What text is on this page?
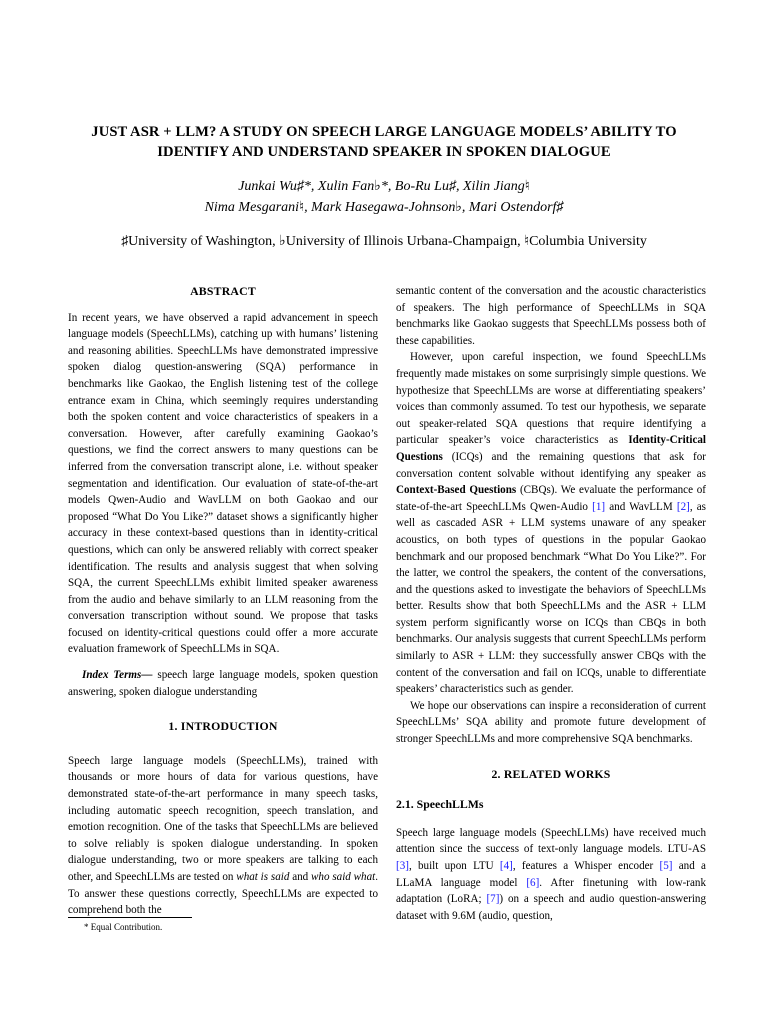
JUST ASR + LLM? A STUDY ON SPEECH LARGE LANGUAGE MODELS’ ABILITY TO
IDENTIFY AND UNDERSTAND SPEAKER IN SPOKEN DIALOGUE
Junkai Wu♯*, Xulin Fan♭*, Bo-Ru Lu♯, Xilin Jiang♮
Nima Mesgarani♮, Mark Hasegawa-Johnson♭, Mari Ostendorf♯
♯University of Washington, ♭University of Illinois Urbana-Champaign, ♮Columbia University
ABSTRACT

In recent years, we have observed a rapid advancement in speech language models (SpeechLLMs), catching up with humans’ listening and reasoning abilities. SpeechLLMs have demonstrated impressive spoken dialog question-answering (SQA) performance in benchmarks like Gaokao, the English listening test of the college entrance exam in China, which seemingly requires understanding both the spoken content and voice characteristics of speakers in a conversation. However, after carefully examining Gaokao’s questions, we find the correct answers to many questions can be inferred from the conversation transcript alone, i.e. without speaker segmentation and identification. Our evaluation of state-of-the-art models Qwen-Audio and WavLLM on both Gaokao and our proposed “What Do You Like?” dataset shows a significantly higher accuracy in these context-based questions than in identity-critical questions, which can only be answered reliably with correct speaker identification. The results and analysis suggest that when solving SQA, the current SpeechLLMs exhibit limited speaker awareness from the audio and behave similarly to an LLM reasoning from the conversation transcription without sound. We propose that tasks focused on identity-critical questions could offer a more accurate evaluation framework of SpeechLLMs in SQA.

Index Terms— speech large language models, spoken question answering, spoken dialogue understanding

1. INTRODUCTION

Speech large language models (SpeechLLMs), trained with thousands or more hours of data for various questions, have demonstrated state-of-the-art performance in many speech tasks, including automatic speech recognition, speech translation, and emotion recognition. One of the tasks that SpeechLLMs are believed to solve reliably is spoken dialogue understanding. In spoken dialogue understanding, two or more speakers are talking to each other, and SpeechLLMs are tested on what is said and who said what. To answer these questions correctly, SpeechLLMs are expected to comprehend both the

semantic content of the conversation and the acoustic characteristics of speakers. The high performance of SpeechLLMs in SQA benchmarks like Gaokao suggests that SpeechLLMs possess both of these capabilities.

However, upon careful inspection, we found SpeechLLMs frequently made mistakes on some surprisingly simple questions. We hypothesize that SpeechLLMs are worse at differentiating speakers’ voices than commonly assumed. To test our hypothesis, we separate out speaker-related SQA questions that require identifying a particular speaker’s voice characteristics as Identity-Critical Questions (ICQs) and the remaining questions that ask for conversation content solvable without identifying any speaker as Context-Based Questions (CBQs). We evaluate the performance of state-of-the-art SpeechLLMs Qwen-Audio [1] and WavLLM [2], as well as cascaded ASR + LLM systems unaware of any speaker acoustics, on both types of questions in the popular Gaokao benchmark and our proposed benchmark “What Do You Like?”. For the latter, we control the speakers, the content of the conversations, and the questions asked to investigate the behaviors of SpeechLLMs better. Results show that both SpeechLLMs and the ASR + LLM system perform significantly worse on ICQs than CBQs in both benchmarks. Our analysis suggests that current SpeechLLMs perform similarly to ASR + LLM: they successfully answer CBQs with the content of the conversation and fail on ICQs, unable to differentiate speakers’ characteristics such as gender.

We hope our observations can inspire a reconsideration of current SpeechLLMs’ SQA ability and promote future development of stronger SpeechLLMs and more comprehensive SQA benchmarks.

2. RELATED WORKS
2.1. SpeechLLMs

Speech large language models (SpeechLLMs) have received much attention since the success of text-only language models. LTU-AS [3], built upon LTU [4], features a Whisper encoder [5] and a LLaMA language model [6]. After finetuning with low-rank adaptation (LoRA; [7]) on a speech and audio question-answering dataset with 9.6M (audio, question,

* Equal Contribution.
